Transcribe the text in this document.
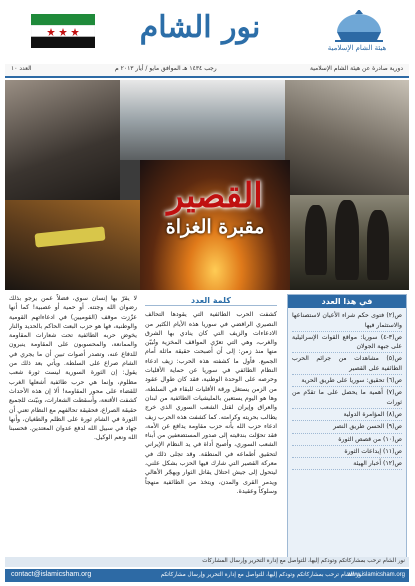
نور الشام
هيئة الشام الإسلامية
العدد ١٠	رجب ١٤٣٤ هـ الموافق مايو / أيار ٢٠١٣ م	دورية صادرة عن هيئة الشام الإسلامية
القصير
مقبرة الغزاة
لا يقرّ بها إنسان سوي، فضلاً عمن يرجو بذلك رضوان الله وجنته. أو حمية أو عصبية! كما أنها عزّزت موقف (القوميين) في ادعاءاتهم القومية والوطنية، فها هو حزب البعث الحاكم بالحديد والنار يخوض حربه الطائفية تحت شعارات المقاومة والممانعة، والمحسوبون على المقاومة ينبرون للدفاع عنه، وتصدر أصوات تبين أن ما يجري في الشام صراع على السلطة. ويأتي بعد ذلك من يقول: إن الثورة السورية ليست ثورة شعب مظلوم، وإنما هي حرب طائفية أشعلها الغرب للقضاء على محور المقاومة! ألا إن هذه الأحداث كشفت الأقنعة، وأسقطت الشعارات، وبيّنت للجميع حقيقة الصراع، فحقيقة تحالفهم مع النظام تعني أن الثورة في الشام ثورة على الظلم والطغيان، وأنها جهاد في سبيل الله لدفع عدوان المعتدين. فحسبنا الله ونعم الوكيل.
كلمة العدد
كشفت الحرب الطائفية التي يقودها التحالف النصيري الرافضي في سوريا هذه الأيام الكثير من الادعاءات والزيف التي كان ينادي بها الشرق والغرب، وهي التي تعرّي المواقف المخزية وتُبيّن منها منذ زمن: إلى أن أصبحت حقيقة ماثلة أمام الجميع. فأول ما كشفته هذه الحرب: زيف ادعاء النظام الطائفي في سوريا عن حماية الأقليات وحرصه على الوحدة الوطنية، فقد كان طوال عقود من الزمن يستغل ورقة الأقليات للبقاء في السلطة، وها هو اليوم يستعين بالمليشيات الطائفية من لبنان والعراق وإيران لقتل الشعب السوري الذي خرج يطالب بحريته وكرامته. كما كشفت هذه الحرب زيف ادعاء حزب الله بأنه حزب مقاومة يدافع عن الأمة، فقد تحوّلت بندقيته إلى صدور المستضعفين من أبناء الشعب السوري، وأصبح أداة في يد النظام الإيراني لتحقيق أطماعه في المنطقة. وقد تجلى ذلك في معركة القصير التي شارك فيها الحزب بشكل علني، ليتحول إلى جيش احتلال يقاتل الثوار ويهجّر الأهالي ويدمر القرى والمدن، ويتخذ من الطائفية منهجاً وسلوكاً وعقيدة.
في هذا العدد
ص(٢) فتوى حكم شراء الأعيان لاستصناعها والاستثمار فيها
ص(٣-٤) سوريا: مواقع القوات الإسرائيلية على جبهة الجولان
ص(٥) مشاهدات من جرائم الحرب الطائفية على القصير
ص(٦) تحقيق: سوريا على طريق الحرية
ص(٧) أهمية ما يحصل على ما تقدّم من ثورات
ص(٨) المؤامرة الدولية
ص(٩) الحسن طريق النصر
ص(١٠) من قصص الثورة
ص(١١) إبداعات الثورة
ص(١٢) أخبار الهيئة
نور الشام ترحب بمشاركاتكم وتودكم إليها، للتواصل مع إدارة التحرير وإرسال المشاركات
contact@islamicsham.org	نور الشام ترحب بمشاركاتكم وتودكم إليها، للتواصل مع إدارة التحرير وإرسال مشاركاتكم
www.islamicsham.org
